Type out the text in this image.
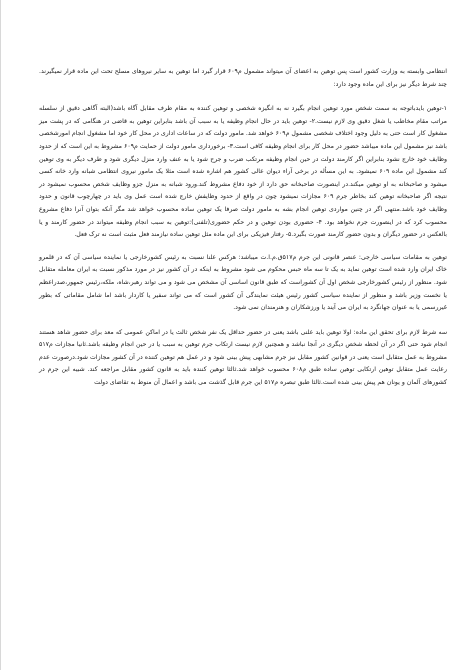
انتظامی وابسته به وزارت کشور است پس توهین به اعضای آن میتواند مشمول م۶۰۹ قرار گیرد اما توهین به سایر نیروهای مسلح تحت این ماده قرار نمیگیرند. چند شرط دیگر نیز برای این ماده وجود دارد:

۱-توهین بایدباتوجه به سمت شخص مورد توهین انجام بگیرد نه به انگیزه شخصی و توهین کننده به مقام طرف مقابل آگاه باشد(البته آگاهی دقیق از سلسله مراتب مقام مخاطب یا شغل دقیق وی لازم نیست.۲- توهین باید در حال انجام وظیفه یا به سبب آن باشد بنابراین توهین به قاضی در هنگامی که در پشت میز مشغول کار است حتی به دلیل وجود اختلاف شخصی مشمول م۶۰۹ خواهد شد. مامور دولت که در ساعات اداری در محل کار خود اما مشغول انجام امورشخصی باشد نیز مشمول این ماده میباشد حضور در محل کار برای انجام وظیفه کافی است.۳- برخورداری مامور دولت از حمایت م۶۰۹ مشروط به این است که از حدود وظایف خود خارج نشود بنابراین اگر کارمند دولت در حین انجام وظیفه مرتکب ضرب و جرح شود یا به عنف وارد منزل دیگری شود و طرف دیگر به وی توهین کند مشمول این ماده ۶۰۹ نمیشود. به این مسأله در برخی آراء دیوان عالی کشور هم اشاره شده است مثلا یک مامور نیروی انتظامی شبانه وارد خانه کسی میشود و صاحبخانه به او توهین میکند.در اینصورت صاحبخانه حق دارد از خود دفاع مشروط کند.ورود شبانه به منزل جزو وظایف شخص محسوب نمیشود در نتیجه اگر صاحبخانه توهین کند بخاطر جرم ۶۰۹ مجازات نمیشود چون در واقع از حدود وظایفش خارج شده است عمل وی باید در چهارچوب قانون و حدود وظایف خود باشد.منتهی اگر در چنین مواردی توهین انجام بشه به مامور دولت صرفا یک توهین ساده محسوب خواهد شد مگر آنکه بتوان آنرا دفاع مشروع محسوب کرد که در اینصورت جرم نخواهد بود. ۴- حضوری بودن توهین و در حکم حضوری(تلفنی):توهین به سبب انجام وظیفه میتواند در حضور کارمند و یا بالعکس در حضور دیگران و بدون حضور کارمند صورت بگیرد.۵- رفتار فیزیکی برای این ماده مثل توهین ساده نیازمند فعل مثبت است نه ترک فعل.

توهین به مقامات سیاسی خارجی: عنصر قانونی این جرم م۵۱۷ق.م.ا.ت میباشد: هرکس علنا نسبت به رئیس کشورخارجی یا نماینده سیاسی آن که در قلمرو خاک ایران وارد شده است توهین نماید به یک تا سه ماه حبس محکوم می شود مشروط به اینکه در آن کشور نیز در مورد مذکور نسبت به ایران معامله متقابل شود. منظور از رئیس کشورخارجی شخص اول آن کشوراست که طبق قانون اساسی آن مشخص می شود و می تواند رهبر،شاه، ملکه،رئیس جمهور،صدراعظم یا نخست وزیر باشد و منظور از نماینده سیاسی کشور رئیس هیئت نمایندگی آن کشور است که می تواند سفیر یا کاردار باشد اما شامل مقاماتی که بطور غیررسمی یا به عنوان جهانگرد به ایران می آیند یا ورزشکاران و هنرمندان نمی شود.

سه شرط لازم برای تحقق این ماده: اولا توهین باید علنی باشد یعنی در حضور حداقل یک نفر شخص ثالث یا در اماکن عمومی که معد برای حضور شاهد هستند انجام شود حتی اگر در آن لحظه شخص دیگری در آنجا نباشد و همچنین لازم نیست ارتکاب جرم توهین به سبب یا در حین انجام وظیفه باشد.ثانیا مجازات م۵۱۷ مشروط به عمل متقابل است یعنی در قوانین کشور مقابل نیز جرم مشابهی پیش بینی شود و در عمل هم توهین کننده در آن کشور مجازات شود.درصورت عدم رعایت عمل متقابل توهین ارتکابی توهین ساده طبق م۶۰۸ محسوب خواهد شد.ثالثا توهین کننده باید به قانون کشور مقابل مراجعه کند. شبیه این جرم در کشورهای آلمان و یونان هم پیش بینی شده است.ثالثا طبق تبصره م۵۱۷ این جرم قابل گذشت می باشد و اعمال آن منوط به تقاضای دولت
